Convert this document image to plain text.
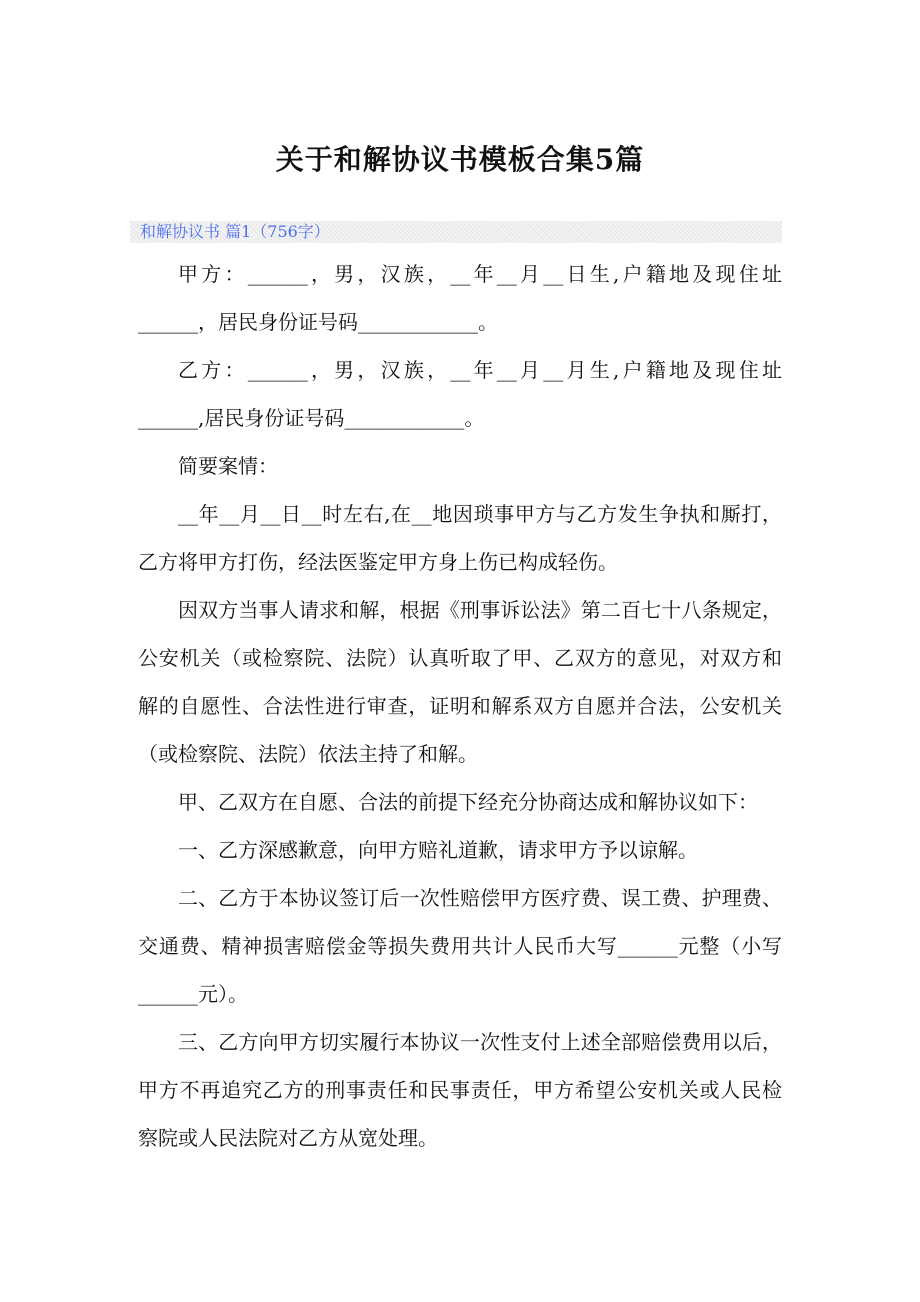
关于和解协议书模板合集5篇
和解协议书 篇1（756字）
甲方：______，男，汉族，__年__月__日生,户籍地及现住址
______，居民身份证号码____________。
乙方：______，男，汉族，__年__月__月生,户籍地及现住址
______,居民身份证号码____________。
简要案情：
__年__月__日__时左右,在__地因琐事甲方与乙方发生争执和厮打，
乙方将甲方打伤，经法医鉴定甲方身上伤已构成轻伤。
因双方当事人请求和解，根据《刑事诉讼法》第二百七十八条规定，
公安机关（或检察院、法院）认真听取了甲、乙双方的意见，对双方和
解的自愿性、合法性进行审查，证明和解系双方自愿并合法，公安机关
（或检察院、法院）依法主持了和解。
甲、乙双方在自愿、合法的前提下经充分协商达成和解协议如下：
一、乙方深感歉意，向甲方赔礼道歉，请求甲方予以谅解。
二、乙方于本协议签订后一次性赔偿甲方医疗费、误工费、护理费、
交通费、精神损害赔偿金等损失费用共计人民币大写______元整（小写
______元）。
三、乙方向甲方切实履行本协议一次性支付上述全部赔偿费用以后，
甲方不再追究乙方的刑事责任和民事责任，甲方希望公安机关或人民检
察院或人民法院对乙方从宽处理。
